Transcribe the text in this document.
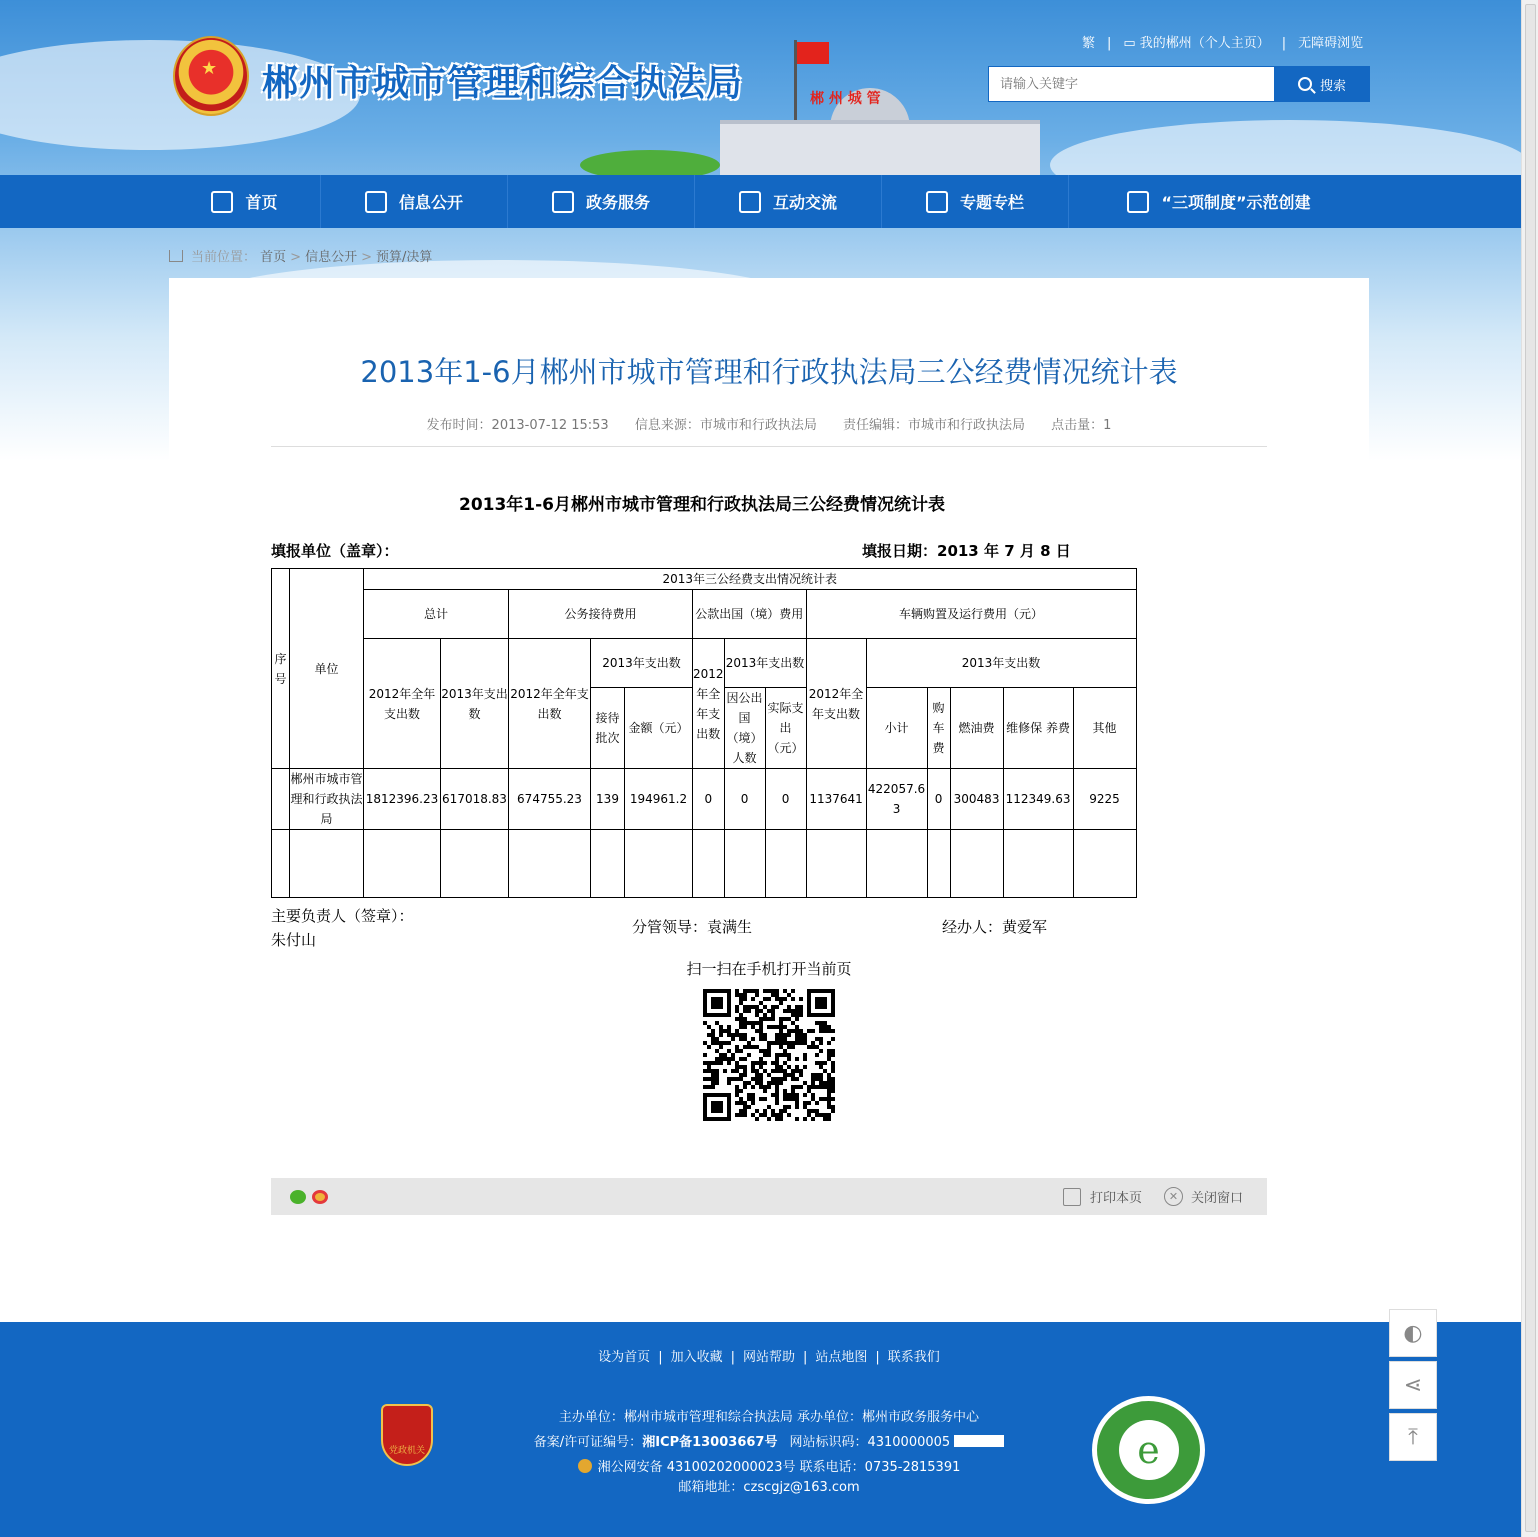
★ 郴州市城市管理和综合执法局	郴 州 城 管
繁 | ▭ 我的郴州（个人主页） | 无障碍浏览
请输入关键字
搜索
首页	信息公开	政务服务	互动交流	专题专栏	“三项制度”示范创建
当前位置： 首页 > 信息公开 > 预算/决算
2013年1-6月郴州市城市管理和行政执法局三公经费情况统计表
发布时间：2013-07-12 15:53 信息来源：市城市和行政执法局 责任编辑：市城市和行政执法局 点击量：1
2013年1-6月郴州市城市管理和行政执法局三公经费情况统计表
填报单位（盖章）：	填报日期：2013 年 7 月 8 日
序号	单位	2013年三公经费支出情况统计表													
		总计		公务接待费用			公款出国（境）费用			车辆购置及运行费用（元）					
		2012年全年支出数	2013年支出数	2012年全年支出数	2013年支出数		2012年全年支出数	2013年支出数		2012年全年支出数	2013年支出数				
					接待批次	金额（元）		因公出国（境）人数	实际支出（元）		小计	购车费	燃油费	维修保 养费	其他
	郴州市城市管理和行政执法局	1812396.23	617018.83	674755.23	139	194961.2	0	0	0	1137641	422057.63	0	300483	112349.63	9225

主要负责人（签章）：
朱付山
分管领导：袁满生	经办人：黄爱军
扫一扫在手机打开当前页
打印本页	✕ 关闭窗口
设为首页 | 加入收藏 | 网站帮助 | 站点地图 | 联系我们
主办单位：郴州市城市管理和综合执法局 承办单位：郴州市政务服务中心
备案/许可证编号：湘ICP备13003667号 网站标识码：4310000005
湘公网安备 43100202000023号 联系电话：0735-2815391
邮箱地址：czscgjz@163.com
党政机关	e
◐
⋖
⤒
